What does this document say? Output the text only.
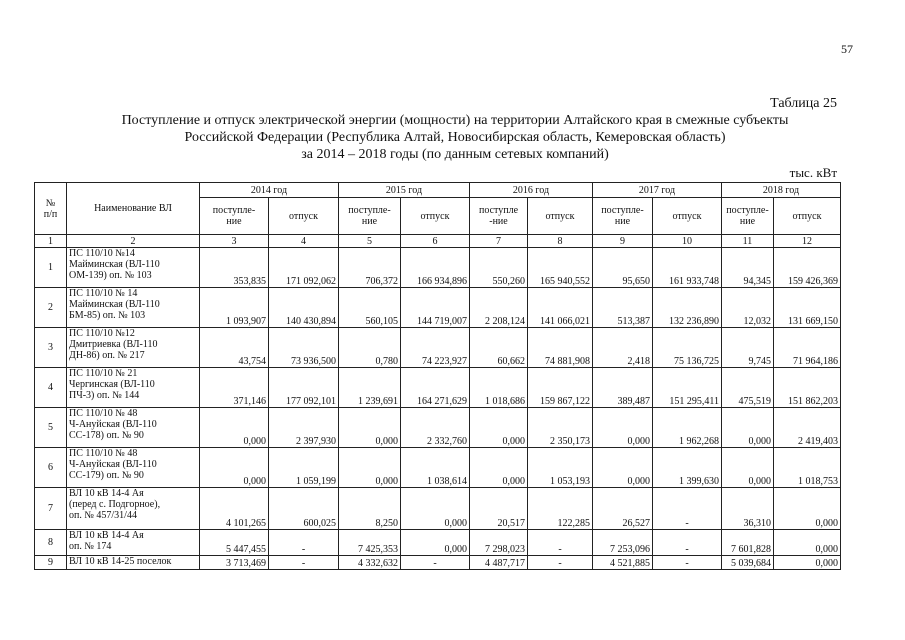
57
Таблица 25
Поступление и отпуск электрической энергии (мощности) на территории Алтайского края в смежные субъекты
Российской Федерации (Республика Алтай, Новосибирская область, Кемеровская область)
за 2014 – 2018 годы (по данным сетевых компаний)
тыс. кВт
№
п/п	Наименование ВЛ	2014 год		2015 год		2016 год		2017 год		2018 год	
		поступле-
ние	отпуск	поступле-
ние	отпуск	поступле
-ние	отпуск	поступле-
ние	отпуск	поступле-
ние	отпуск
1	2	3	4	5	6	7	8	9	10	11	12
1	ПС 110/10 №14
Майминская (ВЛ-110
ОМ-139) оп. № 103	353,835	171 092,062	706,372	166 934,896	550,260	165 940,552	95,650	161 933,748	94,345	159 426,369
2	ПС 110/10 № 14
Майминская (ВЛ-110
БМ-85) оп. № 103	1 093,907	140 430,894	560,105	144 719,007	2 208,124	141 066,021	513,387	132 236,890	12,032	131 669,150
3	ПС 110/10 №12
Дмитриевка (ВЛ-110
ДН-86) оп. № 217	43,754	73 936,500	0,780	74 223,927	60,662	74 881,908	2,418	75 136,725	9,745	71 964,186
4	ПС 110/10 № 21
Чергинская (ВЛ-110
ПЧ-3) оп. № 144	371,146	177 092,101	1 239,691	164 271,629	1 018,686	159 867,122	389,487	151 295,411	475,519	151 862,203
5	ПС 110/10 № 48
Ч-Ануйская (ВЛ-110
СС-178) оп. № 90	0,000	2 397,930	0,000	2 332,760	0,000	2 350,173	0,000	1 962,268	0,000	2 419,403
6	ПС 110/10 № 48
Ч-Ануйская (ВЛ-110
СС-179) оп. № 90	0,000	1 059,199	0,000	1 038,614	0,000	1 053,193	0,000	1 399,630	0,000	1 018,753
7	ВЛ 10 кВ 14-4 Ая
(перед с. Подгорное),
оп. № 457/31/44	4 101,265	600,025	8,250	0,000	20,517	122,285	26,527	-	36,310	0,000
8	ВЛ 10 кВ 14-4 Ая
оп. № 174	5 447,455	-	7 425,353	0,000	7 298,023	-	7 253,096	-	7 601,828	0,000
9	ВЛ 10 кВ 14-25 поселок	3 713,469	-	4 332,632	-	4 487,717	-	4 521,885	-	5 039,684	0,000
